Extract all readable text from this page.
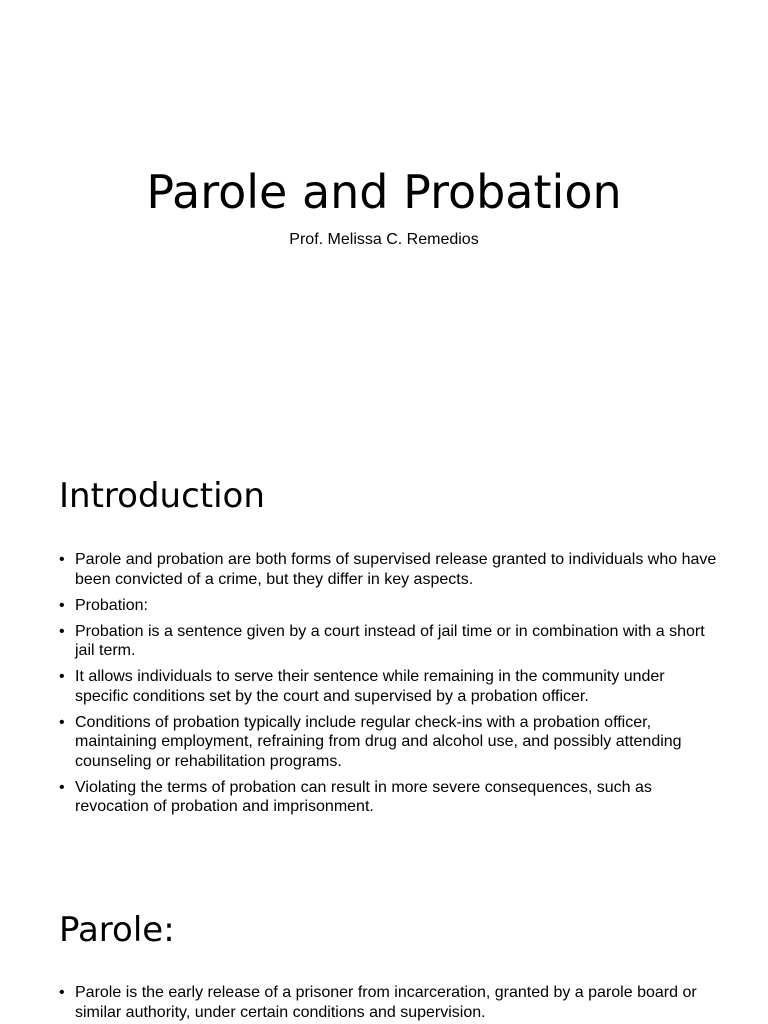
Parole and Probation

Prof. Melissa C. Remedios

Introduction
• Parole and probation are both forms of supervised release granted to individuals who have been convicted of a crime, but they differ in key aspects.
• Probation:
• Probation is a sentence given by a court instead of jail time or in combination with a short jail term.
• It allows individuals to serve their sentence while remaining in the community under specific conditions set by the court and supervised by a probation officer.
• Conditions of probation typically include regular check-ins with a probation officer, maintaining employment, refraining from drug and alcohol use, and possibly attending counseling or rehabilitation programs.
• Violating the terms of probation can result in more severe consequences, such as revocation of probation and imprisonment.
Parole:
• Parole is the early release of a prisoner from incarceration, granted by a parole board or similar authority, under certain conditions and supervision.
